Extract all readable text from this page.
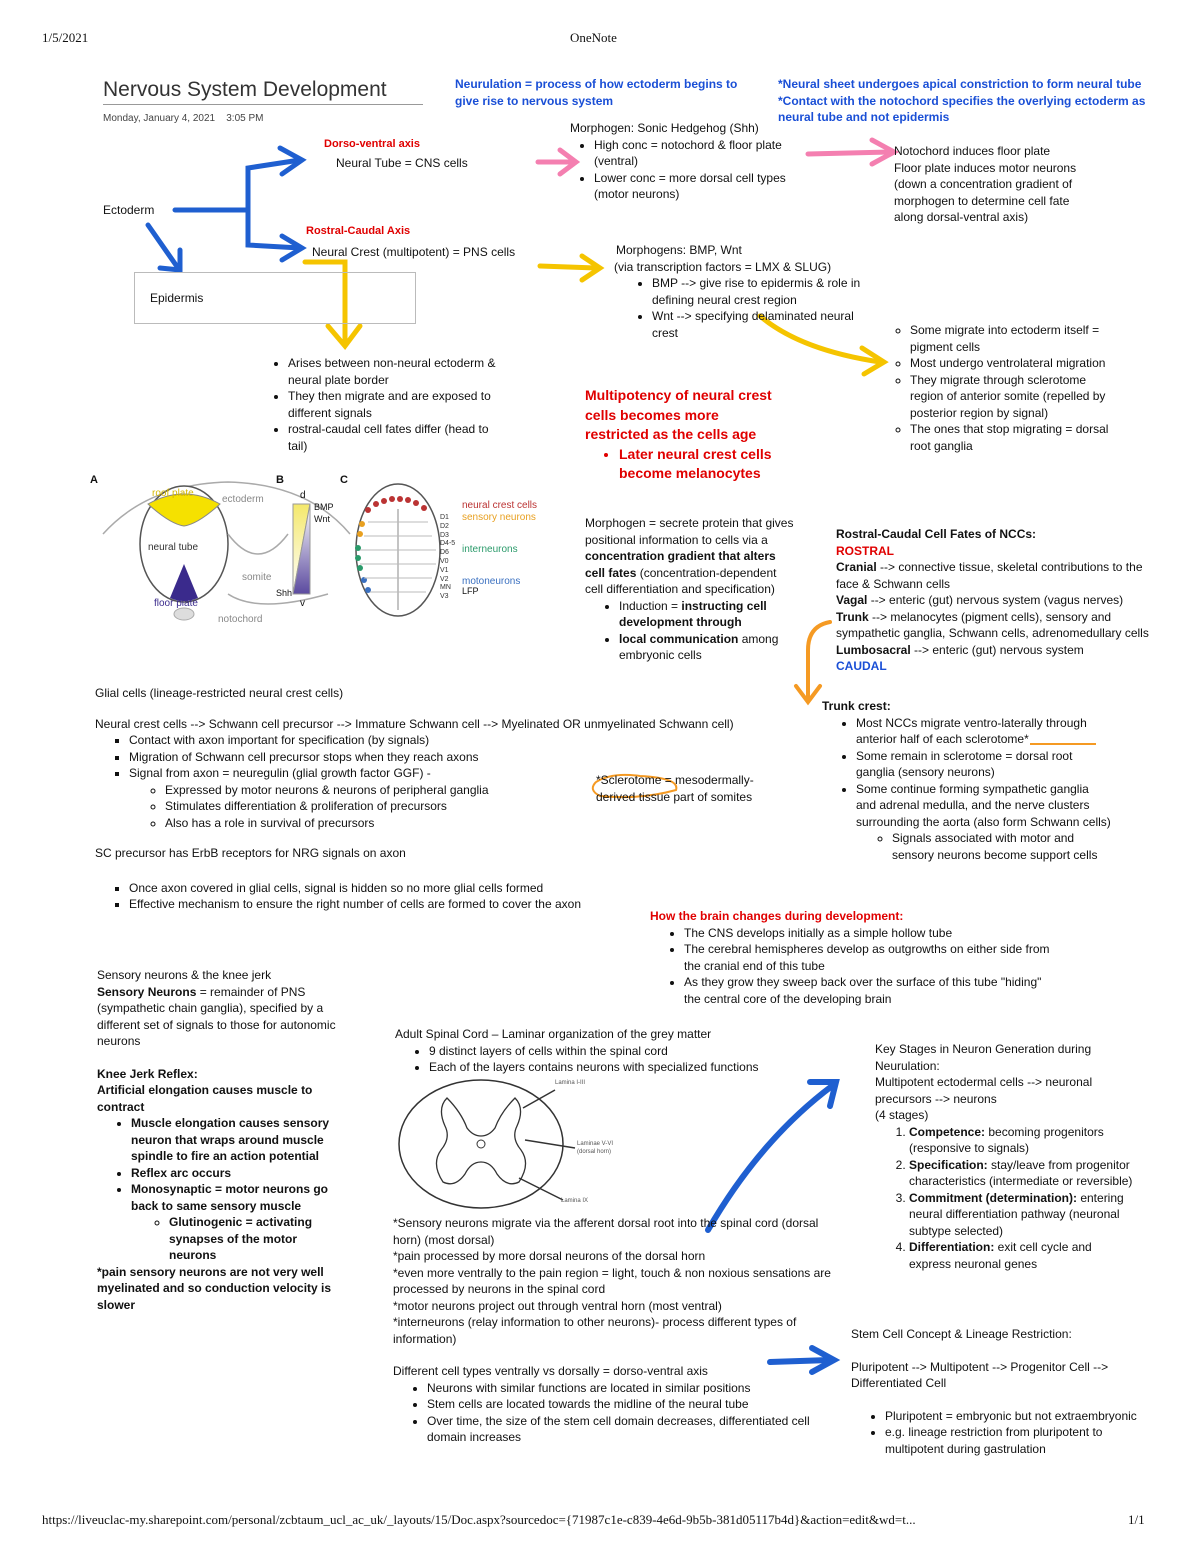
1/5/2021	OneNote
Nervous System Development
Monday, January 4, 2021    3:05 PM
Ectoderm
Epidermis
Dorso-ventral axis
Neural Tube = CNS cells
Rostral-Caudal Axis
Neural Crest (multipotent) = PNS cells
Neurulation = process of how ectoderm begins to
give rise to nervous system
*Neural sheet undergoes apical constriction to form neural tube
*Contact with the notochord specifies the overlying ectoderm as
neural tube and not epidermis
Morphogen: Sonic Hedgehog (Shh)
• High conc = notochord & floor plate (ventral)
• Lower conc = more dorsal cell types (motor neurons)
Notochord induces floor plate
Floor plate induces motor neurons
(down a concentration gradient of
morphogen to determine cell fate
along dorsal-ventral axis)
Morphogens: BMP, Wnt
(via transcription factors = LMX & SLUG)
• BMP --> give rise to epidermis & role in defining neural crest region
• Wnt --> specifying delaminated neural crest
• Arises between non-neural ectoderm & neural plate border
• They then migrate and are exposed to different signals
• rostral-caudal cell fates differ (head to tail)
◦ Some migrate into ectoderm itself = pigment cells
◦ Most undergo ventrolateral migration
◦ They migrate through sclerotome region of anterior somite (repelled by posterior region by signal)
◦ The ones that stop migrating = dorsal root ganglia
Multipotency of neural crest cells becomes more restricted as the cells age
• Later neural crest cells become melanocytes
A	B	C
roof plate
ectoderm
neural tube
somite
floor plate
notochord
d
BMP
Wnt
Shh
v
neural crest cells
sensory neurons
interneurons
motoneurons
LFP
D1
D2
D3
D4-5
D6
V0
V1
V2
MN
V3
Morphogen = secrete protein that gives positional information to cells via a concentration gradient that alters cell fates (concentration-dependent cell differentiation and specification)
• Induction = instructing cell development through
• local communication among embryonic cells
Rostral-Caudal Cell Fates of NCCs:
ROSTRAL
Cranial --> connective tissue, skeletal contributions to the face & Schwann cells
Vagal --> enteric (gut) nervous system (vagus nerves)
Trunk --> melanocytes (pigment cells), sensory and sympathetic ganglia, Schwann cells, adrenomedullary cells
Lumbosacral --> enteric (gut) nervous system
CAUDAL
Trunk crest:
• Most NCCs migrate ventro-laterally through anterior half of each sclerotome*
• Some remain in sclerotome = dorsal root ganglia (sensory neurons)
• Some continue forming sympathetic ganglia and adrenal medulla, and the nerve clusters surrounding the aorta (also form Schwann cells)
◦ Signals associated with motor and sensory neurons become support cells
Glial cells (lineage-restricted neural crest cells)
Neural crest cells --> Schwann cell precursor --> Immature Schwann cell --> Myelinated OR unmyelinated Schwann cell)
▪ Contact with axon important for specification (by signals)
▪ Migration of Schwann cell precursor stops when they reach axons
▪ Signal from axon = neuregulin (glial growth factor GGF) -
◦ Expressed by motor neurons & neurons of peripheral ganglia
◦ Stimulates differentiation & proliferation of precursors
◦ Also has a role in survival of precursors
SC precursor has ErbB receptors for NRG signals on axon
▪ Once axon covered in glial cells, signal is hidden so no more glial cells formed
▪ Effective mechanism to ensure the right number of cells are formed to cover the axon
*Sclerotome = mesodermally-
derived tissue part of somites
How the brain changes during development:
• The CNS develops initially as a simple hollow tube
• The cerebral hemispheres develop as outgrowths on either side from the cranial end of this tube
• As they grow they sweep back over the surface of this tube "hiding" the central core of the developing brain
Sensory neurons & the knee jerk
Sensory Neurons = remainder of PNS (sympathetic chain ganglia), specified by a different set of signals to those for autonomic neurons
Knee Jerk Reflex:
Artificial elongation causes muscle to contract
• Muscle elongation causes sensory neuron that wraps around muscle spindle to fire an action potential
• Reflex arc occurs
• Monosynaptic = motor neurons go back to same sensory muscle
◦ Glutinogenic = activating synapses of the motor neurons
*pain sensory neurons are not very well myelinated and so conduction velocity is slower
Adult Spinal Cord – Laminar organization of the grey matter
• 9 distinct layers of cells within the spinal cord
• Each of the layers contains neurons with specialized functions
Lamina I-III
Laminae V-VI
(dorsal horn)
Lamina IX
*Sensory neurons migrate via the afferent dorsal root into the spinal cord (dorsal horn) (most dorsal)
*pain processed by more dorsal neurons of the dorsal horn
*even more ventrally to the pain region = light, touch & non noxious sensations are processed by neurons in the spinal cord
*motor neurons project out through ventral horn (most ventral)
*interneurons (relay information to other neurons)- process different types of information)
Different cell types ventrally vs dorsally = dorso-ventral axis
• Neurons with similar functions are located in similar positions
• Stem cells are located towards the midline of the neural tube
• Over time, the size of the stem cell domain decreases, differentiated cell domain increases
Key Stages in Neuron Generation during Neurulation:
Multipotent ectodermal cells --> neuronal precursors --> neurons
(4 stages)
1. Competence: becoming progenitors (responsive to signals)
2. Specification: stay/leave from progenitor characteristics (intermediate or reversible)
3. Commitment (determination): entering neural differentiation pathway (neuronal subtype selected)
4. Differentiation: exit cell cycle and express neuronal genes
Stem Cell Concept & Lineage Restriction:
Pluripotent --> Multipotent --> Progenitor Cell --> Differentiated Cell
• Pluripotent = embryonic but not extraembryonic
• e.g. lineage restriction from pluripotent to multipotent during gastrulation
https://liveuclac-my.sharepoint.com/personal/zcbtaum_ucl_ac_uk/_layouts/15/Doc.aspx?sourcedoc={71987c1e-c839-4e6d-9b5b-381d05117b4d}&action=edit&wd=t...	1/1
